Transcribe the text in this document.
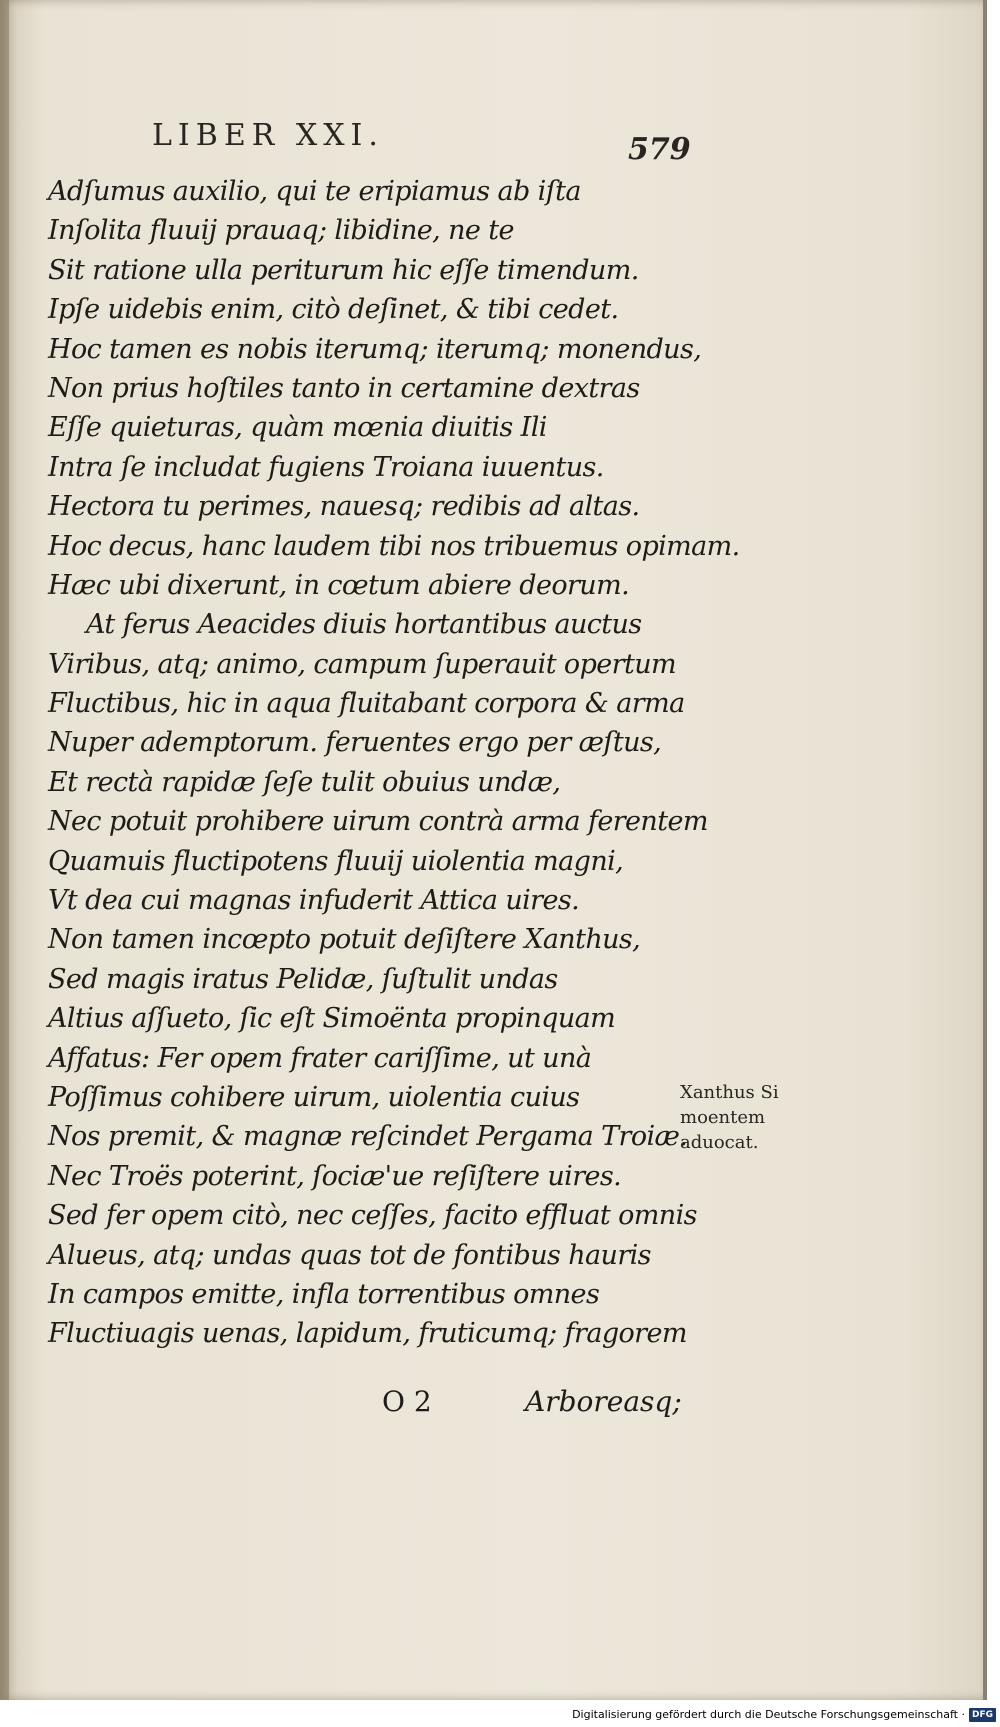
LIBER XXI.	579
Adſumus auxilio, qui te eripiamus ab iſta
Inſolita fluuij prauaq; libidine, ne te
Sit ratione ulla periturum hic eſſe timendum.
Ipſe uidebis enim, citò deſinet, & tibi cedet.
Hoc tamen es nobis iterumq; iterumq; monendus,
Non prius hoſtiles tanto in certamine dextras
Eſſe quieturas, quàm mœnia diuitis Ili
Intra ſe includat fugiens Troiana iuuentus.
Hectora tu perimes, nauesq; redibis ad altas.
Hoc decus, hanc laudem tibi nos tribuemus opimam.
Hæc ubi dixerunt, in cœtum abiere deorum.
At ferus Aeacides diuis hortantibus auctus
Viribus, atq; animo, campum ſuperauit opertum
Fluctibus, hic in aqua fluitabant corpora & arma
Nuper ademptorum. feruentes ergo per æſtus,
Et rectà rapidæ ſeſe tulit obuius undæ,
Nec potuit prohibere uirum contrà arma ferentem
Quamuis fluctipotens fluuij uiolentia magni,
Vt dea cui magnas infuderit Attica uires.
Non tamen incœpto potuit deſiſtere Xanthus,
Sed magis iratus Pelidæ, ſuſtulit undas
Altius aſſueto, ſic eſt Simoënta propinquam
Affatus: Fer opem frater cariſſime, ut unà
Poſſimus cohibere uirum, uiolentia cuius
Nos premit, & magnæ reſcindet Pergama Troiæ.
Nec Troës poterint, ſociæ'ue reſiſtere uires.
Sed fer opem citò, nec ceſſes, facito effluat omnis
Alueus, atq; undas quas tot de fontibus hauris
In campos emitte, infla torrentibus omnes
Fluctiuagis uenas, lapidum, fruticumq; fragorem
Xanthus Si
moentem
aduocat.
O 2	Arboreasq;
Digitalisierung gefördert durch die Deutsche Forschungsgemeinschaft · DFG
